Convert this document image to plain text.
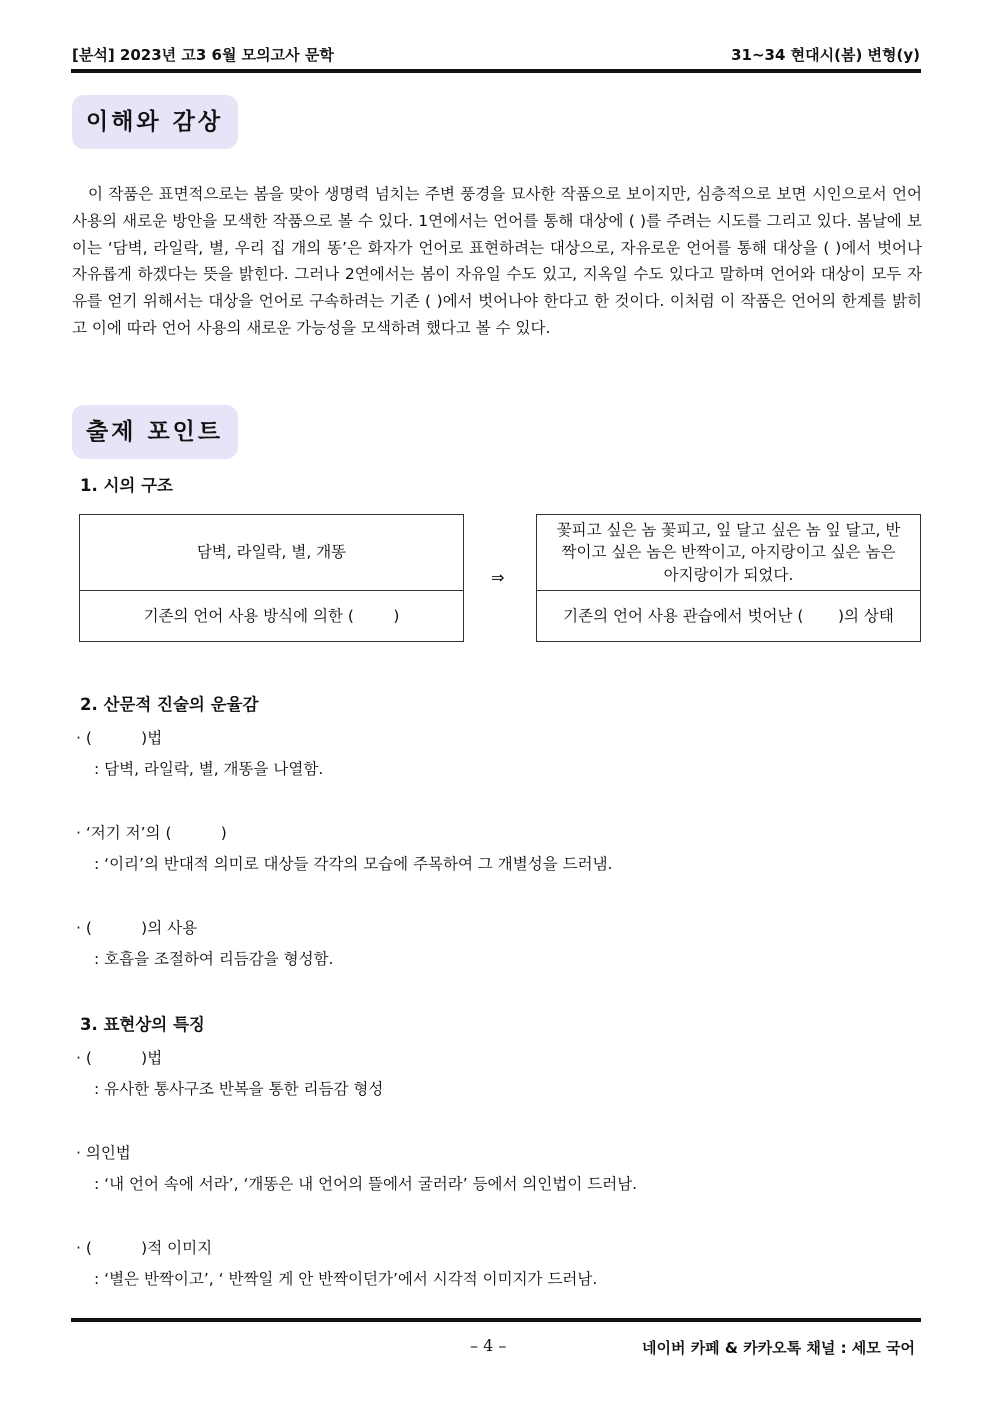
[분석] 2023년 고3 6월 모의고사 문학	31~34 현대시(봄) 변형(y)
이해와 감상
이 작품은 표면적으로는 봄을 맞아 생명력 넘치는 주변 풍경을 묘사한 작품으로 보이지만, 심층적으로 보면 시인으로서 언어 사용의 새로운 방안을 모색한 작품으로 볼 수 있다. 1연에서는 언어를 통해 대상에 ( )를 주려는 시도를 그리고 있다. 봄날에 보이는 ‘담벽, 라일락, 별, 우리 집 개의 똥’은 화자가 언어로 표현하려는 대상으로, 자유로운 언어를 통해 대상을 ( )에서 벗어나 자유롭게 하겠다는 뜻을 밝힌다. 그러나 2연에서는 봄이 자유일 수도 있고, 지옥일 수도 있다고 말하며 언어와 대상이 모두 자유를 얻기 위해서는 대상을 언어로 구속하려는 기존 ( )에서 벗어나야 한다고 한 것이다. 이처럼 이 작품은 언어의 한계를 밝히고 이에 따라 언어 사용의 새로운 가능성을 모색하려 했다고 볼 수 있다.
출제 포인트
1. 시의 구조
담벽, 라일락, 별, 개똥
기존의 언어 사용 방식에 의한 (        )
⇒
꽃피고 싶은 놈 꽃피고, 잎 달고 싶은 놈 잎 달고, 반짝이고 싶은 놈은 반짝이고, 아지랑이고 싶은 놈은 아지랑이가 되었다.
기존의 언어 사용 관습에서 벗어난 (       )의 상태
2. 산문적 진술의 운율감
· (          )법
: 담벽, 라일락, 별, 개똥을 나열함.
· ‘저기 저’의 (          )
: ‘이리’의 반대적 의미로 대상들 각각의 모습에 주목하여 그 개별성을 드러냄.
· (          )의 사용
: 호흡을 조절하여 리듬감을 형성함.
3. 표현상의 특징
· (          )법
: 유사한 통사구조 반복을 통한 리듬감 형성
· 의인법
: ‘내 언어 속에 서라’, ‘개똥은 내 언어의 뜰에서 굴러라’ 등에서 의인법이 드러남.
· (          )적 이미지
: ‘별은 반짝이고’, ‘ 반짝일 게 안 반짝이던가’에서 시각적 이미지가 드러남.
– 4 –	네이버 카페 & 카카오톡 채널 : 세모 국어
